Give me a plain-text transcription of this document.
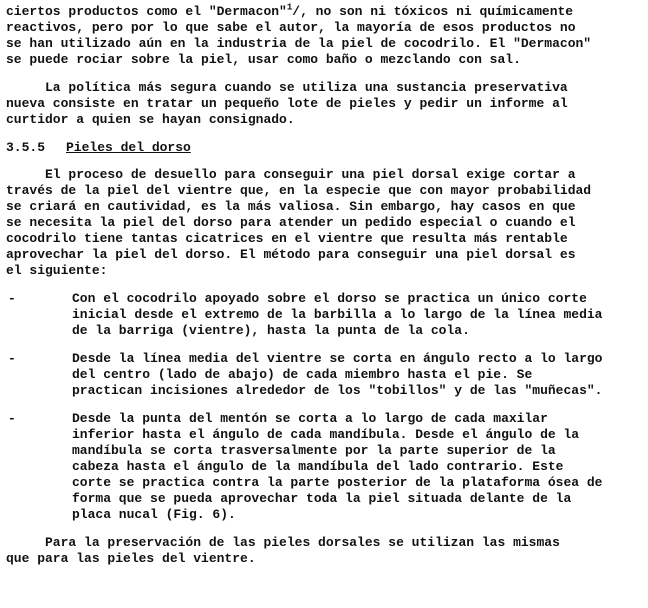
ciertos productos como el "Dermacon"$^1$/, no son ni tóxicos ni químicamente
reactivos, pero por lo que sabe el autor, la mayoría de esos productos no
se han utilizado aún en la industria de la piel de cocodrilo. El "Dermacon"
se puede rociar sobre la piel, usar como baño o mezclando con sal.
La política más segura cuando se utiliza una sustancia preservativa
nueva consiste en tratar un pequeño lote de pieles y pedir un informe al
curtidor a quien se hayan consignado.
3.5.5 Pieles del dorso
El proceso de desuello para conseguir una piel dorsal exige cortar a
través de la piel del vientre que, en la especie que con mayor probabilidad
se criará en cautividad, es la más valiosa. Sin embargo, hay casos en que
se necesita la piel del dorso para atender un pedido especial o cuando el
cocodrilo tiene tantas cicatrices en el vientre que resulta más rentable
aprovechar la piel del dorso. El método para conseguir una piel dorsal es
el siguiente:
-	Con el cocodrilo apoyado sobre el dorso se practica un único corte
inicial desde el extremo de la barbilla a lo largo de la línea media
de la barriga (vientre), hasta la punta de la cola.
-	Desde la línea media del vientre se corta en ángulo recto a lo largo
del centro (lado de abajo) de cada miembro hasta el pie. Se
practican incisiones alrededor de los "tobillos" y de las "muñecas".
-	Desde la punta del mentón se corta a lo largo de cada maxilar
inferior hasta el ángulo de cada mandíbula. Desde el ángulo de la
mandíbula se corta trasversalmente por la parte superior de la
cabeza hasta el ángulo de la mandíbula del lado contrario. Este
corte se practica contra la parte posterior de la plataforma ósea de
forma que se pueda aprovechar toda la piel situada delante de la
placa nucal (Fig. 6).
Para la preservación de las pieles dorsales se utilizan las mismas
que para las pieles del vientre.
